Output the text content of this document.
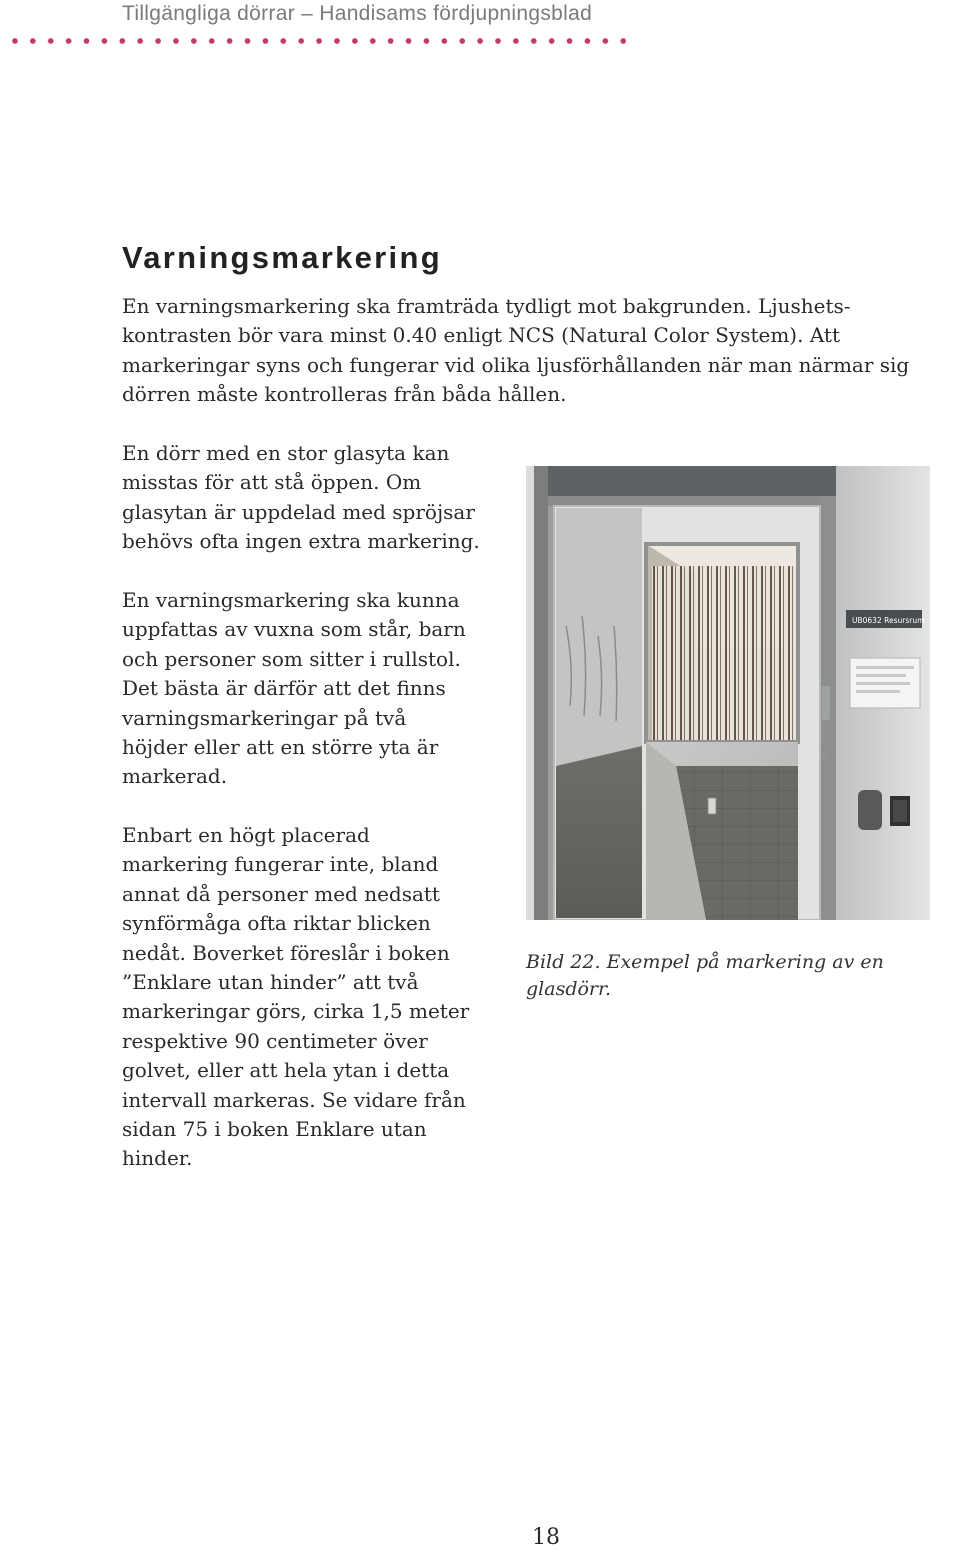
Tillgängliga dörrar – Handisams fördjupningsblad
Varningsmarkering

En varningsmarkering ska framträda tydligt mot bakgrunden. Ljushets-
kontrasten bör vara minst 0.40 enligt NCS (Natural Color System). Att
markeringar syns och fungerar vid olika ljusförhållanden när man närmar sig
dörren måste kontrolleras från båda hållen.

En dörr med en stor glasyta kan
misstas för att stå öppen. Om
glasytan är uppdelad med spröjsar
behövs ofta ingen extra markering.

En varningsmarkering ska kunna
uppfattas av vuxna som står, barn
och personer som sitter i rullstol.
Det bästa är därför att det finns
varningsmarkeringar på två
höjder eller att en större yta är
markerad.

Enbart en högt placerad
markering fungerar inte, bland
annat då personer med nedsatt
synförmåga ofta riktar blicken
nedåt. Boverket föreslår i boken
”Enklare utan hinder” att två
markeringar görs, cirka 1,5 meter
respektive 90 centimeter över
golvet, eller att hela ytan i detta
intervall markeras. Se vidare från
sidan 75 i boken Enklare utan
hinder.

UB0632 Resursrum

Bild 22. Exempel på markering av en
glasdörr.

18
